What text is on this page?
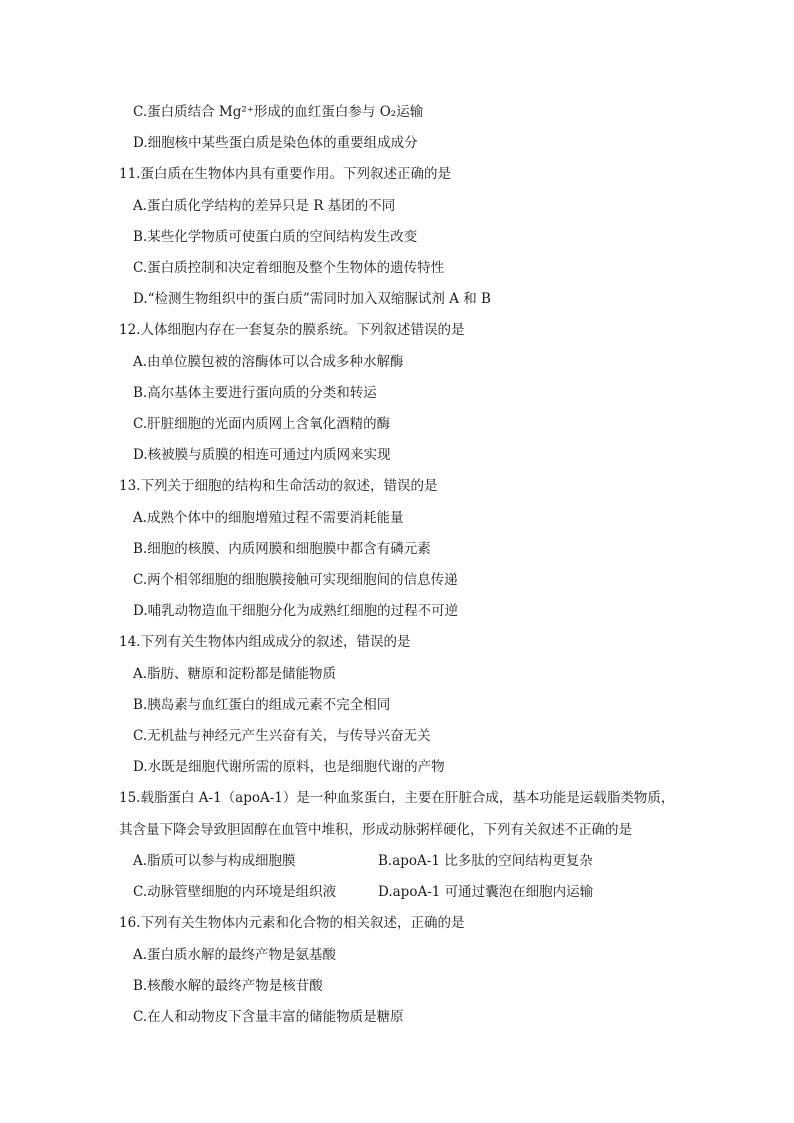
C.蛋白质结合 Mg²⁺形成的血红蛋白参与 O₂运输
D.细胞核中某些蛋白质是染色体的重要组成成分
11.蛋白质在生物体内具有重要作用。下列叙述正确的是
A.蛋白质化学结构的差异只是 R 基团的不同
B.某些化学物质可使蛋白质的空间结构发生改变
C.蛋白质控制和决定着细胞及整个生物体的遗传特性
D.“检测生物组织中的蛋白质”需同时加入双缩脲试剂 A 和 B
12.人体细胞内存在一套复杂的膜系统。下列叙述错误的是
A.由单位膜包被的溶酶体可以合成多种水解酶
B.高尔基体主要进行蛋向质的分类和转运
C.肝脏细胞的光面内质网上含氧化酒精的酶
D.核被膜与质膜的相连可通过内质网来实现
13.下列关于细胞的结构和生命活动的叙述，错误的是
A.成熟个体中的细胞增殖过程不需要消耗能量
B.细胞的核膜、内质网膜和细胞膜中都含有磷元素
C.两个相邻细胞的细胞膜接触可实现细胞间的信息传递
D.哺乳动物造血干细胞分化为成熟红细胞的过程不可逆
14.下列有关生物体内组成成分的叙述，错误的是
A.脂肪、糖原和淀粉都是储能物质
B.胰岛素与血红蛋白的组成元素不完全相同
C.无机盐与神经元产生兴奋有关，与传导兴奋无关
D.水既是细胞代谢所需的原料，也是细胞代谢的产物
15.载脂蛋白 A-1（apoA-1）是一种血浆蛋白，主要在肝脏合成，基本功能是运载脂类物质，
其含量下降会导致胆固醇在血管中堆积，形成动脉粥样硬化，下列有关叙述不正确的是
A.脂质可以参与构成细胞膜	B.apoA-1 比多肽的空间结构更复杂
C.动脉管壁细胞的内环境是组织液	D.apoA-1 可通过囊泡在细胞内运输
16.下列有关生物体内元素和化合物的相关叙述，正确的是
A.蛋白质水解的最终产物是氨基酸
B.核酸水解的最终产物是核苷酸
C.在人和动物皮下含量丰富的储能物质是糖原
